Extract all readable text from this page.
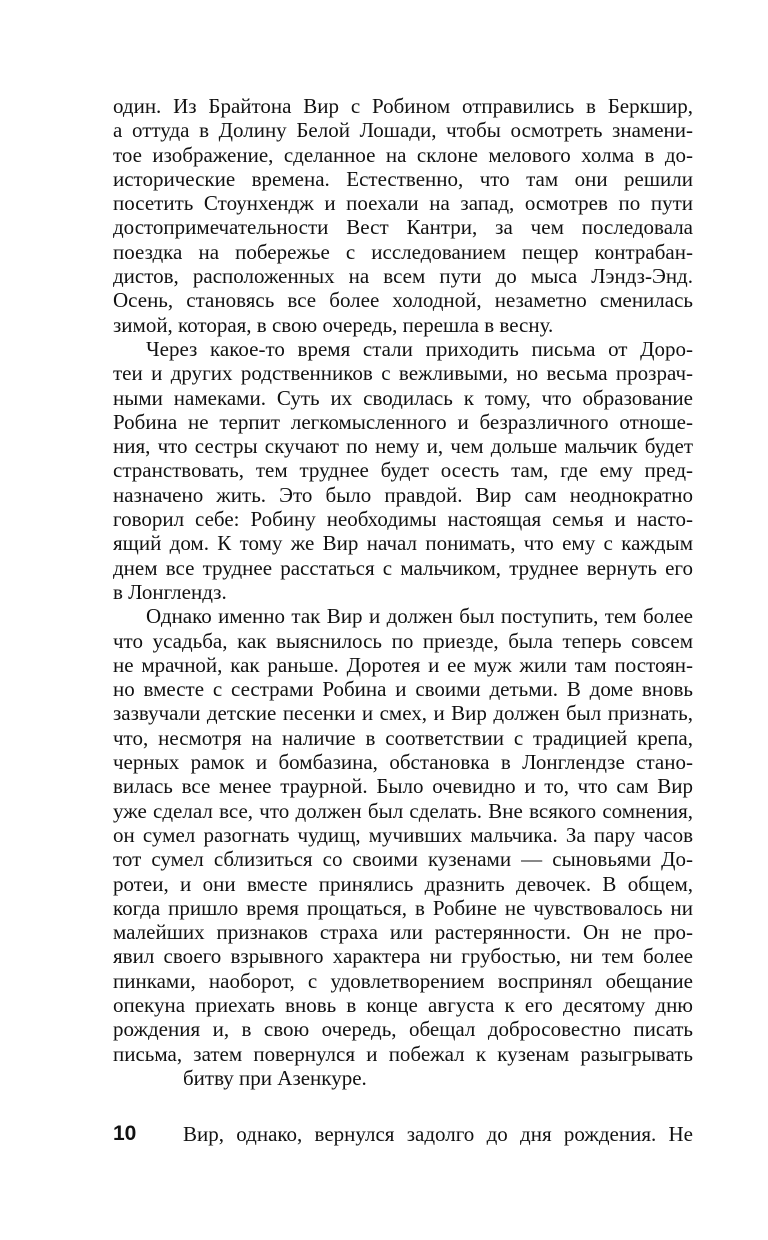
один. Из Брайтона Вир с Робином отправились в Беркшир,
а оттуда в Долину Белой Лошади, чтобы осмотреть знамени-
тое изображение, сделанное на склоне мелового холма в до-
исторические времена. Естественно, что там они решили
посетить Стоунхендж и поехали на запад, осмотрев по пути
достопримечательности Вест Кантри, за чем последовала
поездка на побережье с исследованием пещер контрабан-
дистов, расположенных на всем пути до мыса Лэндз-Энд.
Осень, становясь все более холодной, незаметно сменилась
зимой, которая, в свою очередь, перешла в весну.
Через какое-то время стали приходить письма от Доро-
теи и других родственников с вежливыми, но весьма прозрач-
ными намеками. Суть их сводилась к тому, что образование
Робина не терпит легкомысленного и безразличного отноше-
ния, что сестры скучают по нему и, чем дольше мальчик будет
странствовать, тем труднее будет осесть там, где ему пред-
назначено жить. Это было правдой. Вир сам неоднократно
говорил себе: Робину необходимы настоящая семья и насто-
ящий дом. К тому же Вир начал понимать, что ему с каждым
днем все труднее расстаться с мальчиком, труднее вернуть его
в Лонглендз.
Однако именно так Вир и должен был поступить, тем более
что усадьба, как выяснилось по приезде, была теперь совсем
не мрачной, как раньше. Доротея и ее муж жили там постоян-
но вместе с сестрами Робина и своими детьми. В доме вновь
зазвучали детские песенки и смех, и Вир должен был признать,
что, несмотря на наличие в соответствии с традицией крепа,
черных рамок и бомбазина, обстановка в Лонглендзе стано-
вилась все менее траурной. Было очевидно и то, что сам Вир
уже сделал все, что должен был сделать. Вне всякого сомнения,
он сумел разогнать чудищ, мучивших мальчика. За пару часов
тот сумел сблизиться со своими кузенами — сыновьями До-
ротеи, и они вместе принялись дразнить девочек. В общем,
когда пришло время прощаться, в Робине не чувствовалось ни
малейших признаков страха или растерянности. Он не про-
явил своего взрывного характера ни грубостью, ни тем более
пинками, наоборот, с удовлетворением воспринял обещание
опекуна приехать вновь в конце августа к его десятому дню
рождения и, в свою очередь, обещал добросовестно писать
письма, затем повернулся и побежал к кузенам разыгрывать
битву при Азенкуре.
10 Вир, однако, вернулся задолго до дня рождения. Не
